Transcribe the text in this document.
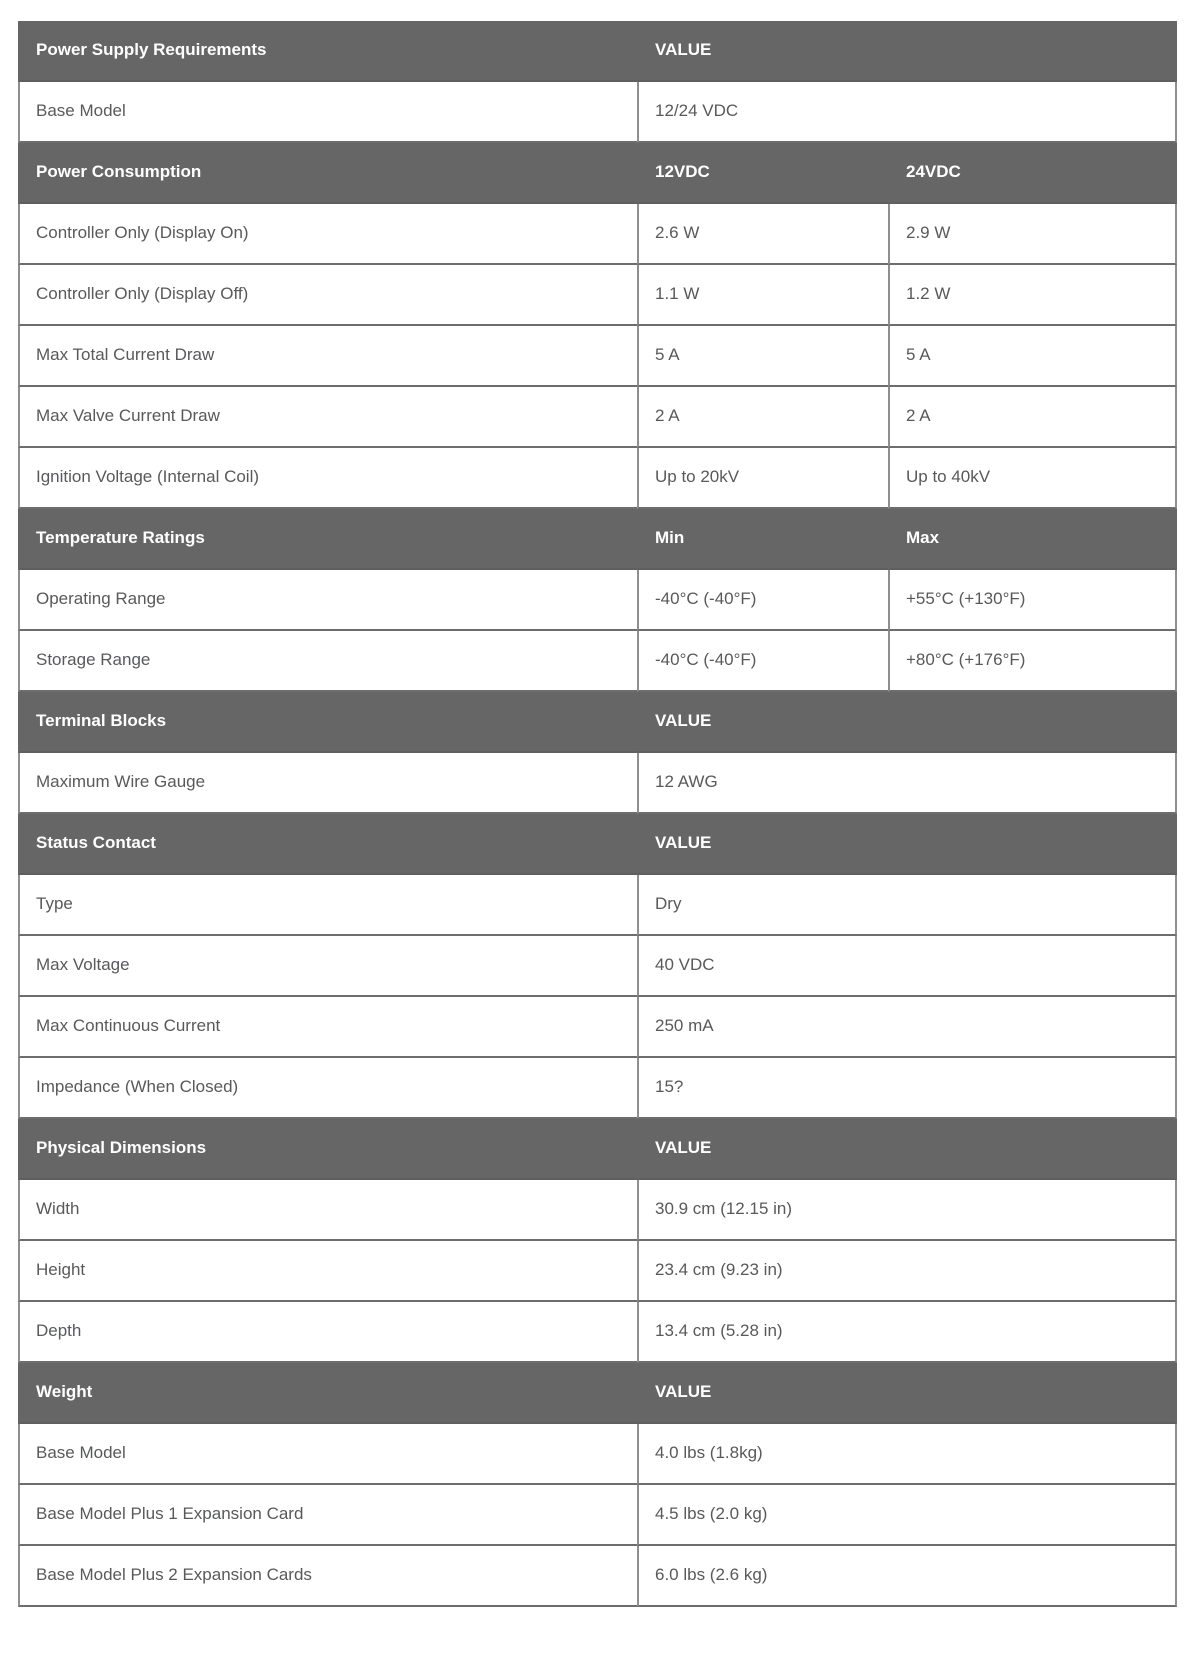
Power Supply Requirements	VALUE	
Base Model	12/24 VDC	
Power Consumption	12VDC	24VDC
Controller Only (Display On)	2.6 W	2.9 W
Controller Only (Display Off)	1.1 W	1.2 W
Max Total Current Draw	5 A	5 A
Max Valve Current Draw	2 A	2 A
Ignition Voltage (Internal Coil)	Up to 20kV	Up to 40kV
Temperature Ratings	Min	Max
Operating Range	-40°C (-40°F)	+55°C (+130°F)
Storage Range	-40°C (-40°F)	+80°C (+176°F)
Terminal Blocks	VALUE	
Maximum Wire Gauge	12 AWG	
Status Contact	VALUE	
Type	Dry	
Max Voltage	40 VDC	
Max Continuous Current	250 mA	
Impedance (When Closed)	15?	
Physical Dimensions	VALUE	
Width	30.9 cm (12.15 in)	
Height	23.4 cm (9.23 in)	
Depth	13.4 cm (5.28 in)	
Weight	VALUE	
Base Model	4.0 lbs (1.8kg)	
Base Model Plus 1 Expansion Card	4.5 lbs (2.0 kg)	
Base Model Plus 2 Expansion Cards	6.0 lbs (2.6 kg)	
